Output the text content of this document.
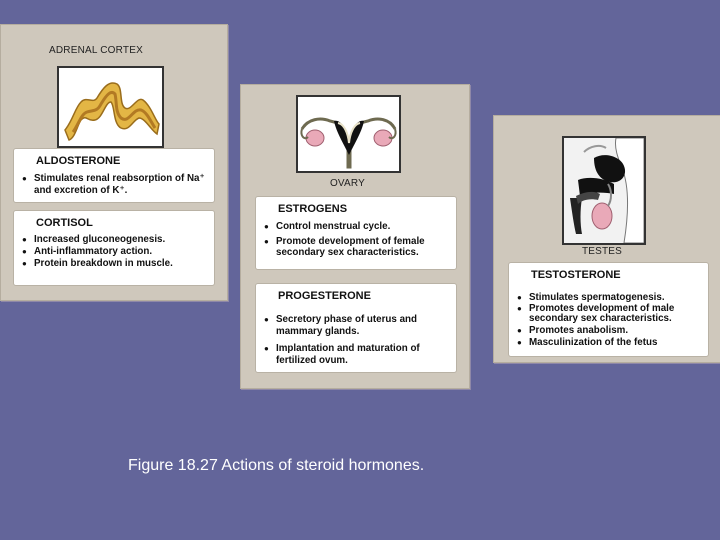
ADRENAL CORTEX
ALDOSTERONE
● Stimulates renal reabsorption of Na⁺ and excretion of K⁺.
CORTISOL
● Increased gluconeogenesis.
● Anti-inflammatory action.
● Protein breakdown in muscle.
OVARY
ESTROGENS
● Control menstrual cycle.
● Promote development of female secondary sex characteristics.
PROGESTERONE
● Secretory phase of uterus and mammary glands.
● Implantation and maturation of fertilized ovum.
TESTES
TESTOSTERONE
● Stimulates spermatogenesis.
● Promotes development of male secondary sex characteristics.
● Promotes anabolism.
● Masculinization of the fetus
Figure 18.27 Actions of steroid hormones.
